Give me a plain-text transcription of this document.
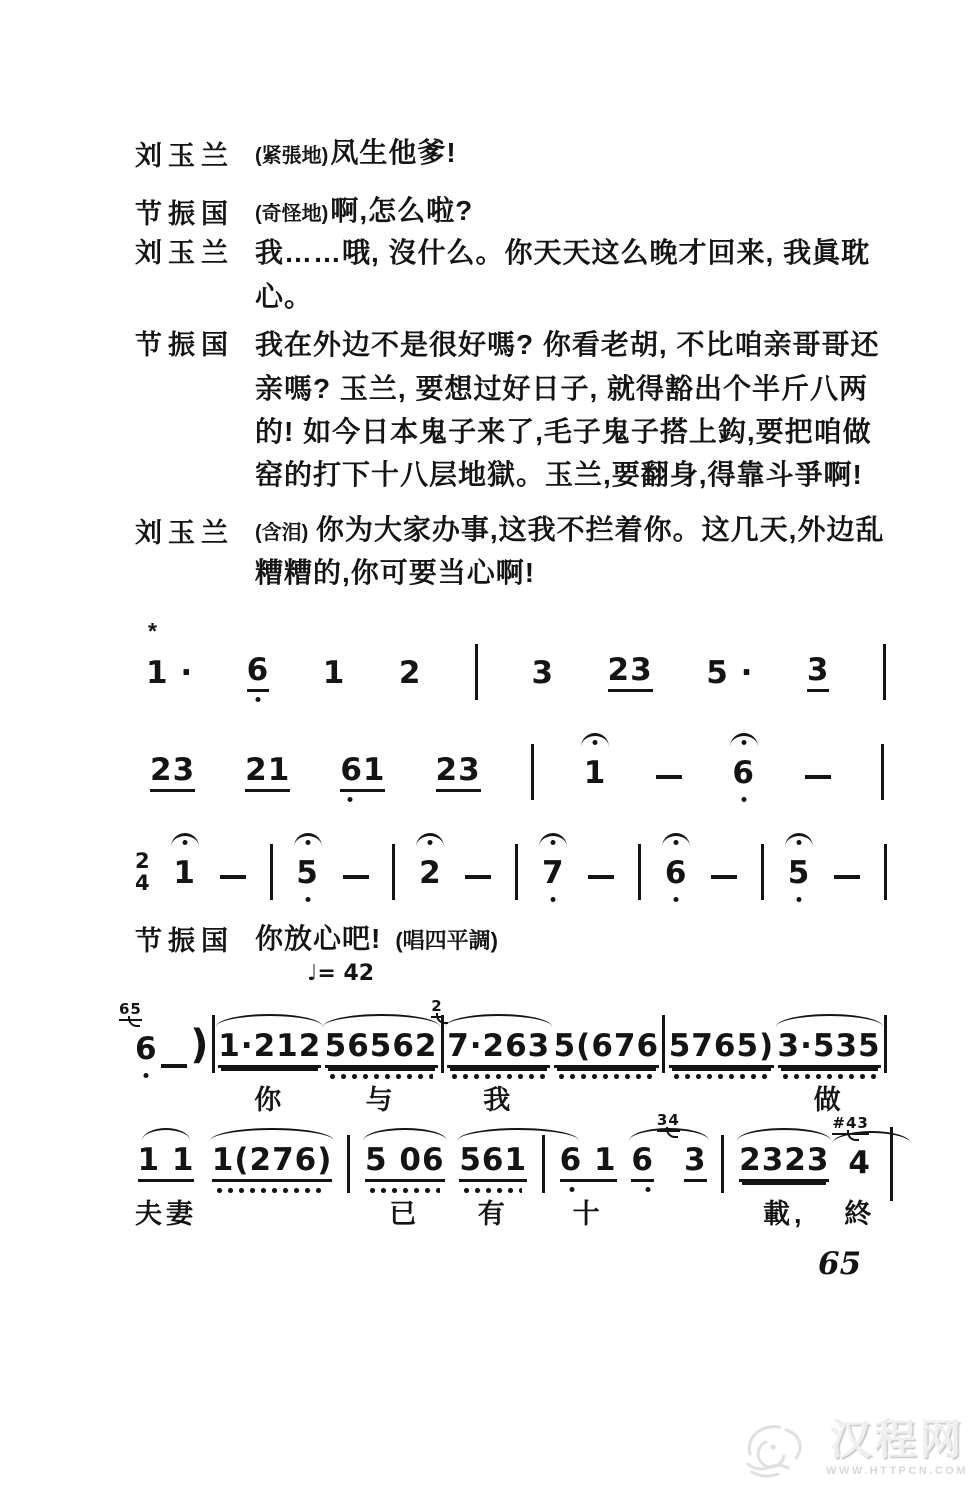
刘玉兰 (紧張地)凤生他爹!
节振国 (奇怪地)啊,怎么啦?
刘玉兰 我……哦, 沒什么。你天天这么晚才回来, 我眞耽
心。
节振国 我在外边不是很好嗎? 你看老胡, 不比咱亲哥哥还
亲嗎? 玉兰, 要想过好日子, 就得豁出个半斤八两
的! 如今日本鬼子来了,毛子鬼子搭上鈎,要把咱做
窑的打下十八层地獄。玉兰,要翻身,得靠斗爭啊!
刘玉兰 (含泪) 你为大家办事,这我不拦着你。这几天,外边乱
糟糟的,你可要当心啊!
节振国 你放心吧! (唱四平調)
*
1 · 6 1 2	3 23 5 · 3
23 21 61 23	1	6
2
4 1	5	2	7	6	5
♩= 42
65
6 ) 1·212
你
56562
与
2
7·263
我
5(676 5765) 3·535
做
1 1
夫妻
1(276) 5 06
已
561
有
6 1
十
34
6 3 2323
載,
#43
4
終
65
汉程网
WWW.HTTPCN.COM
